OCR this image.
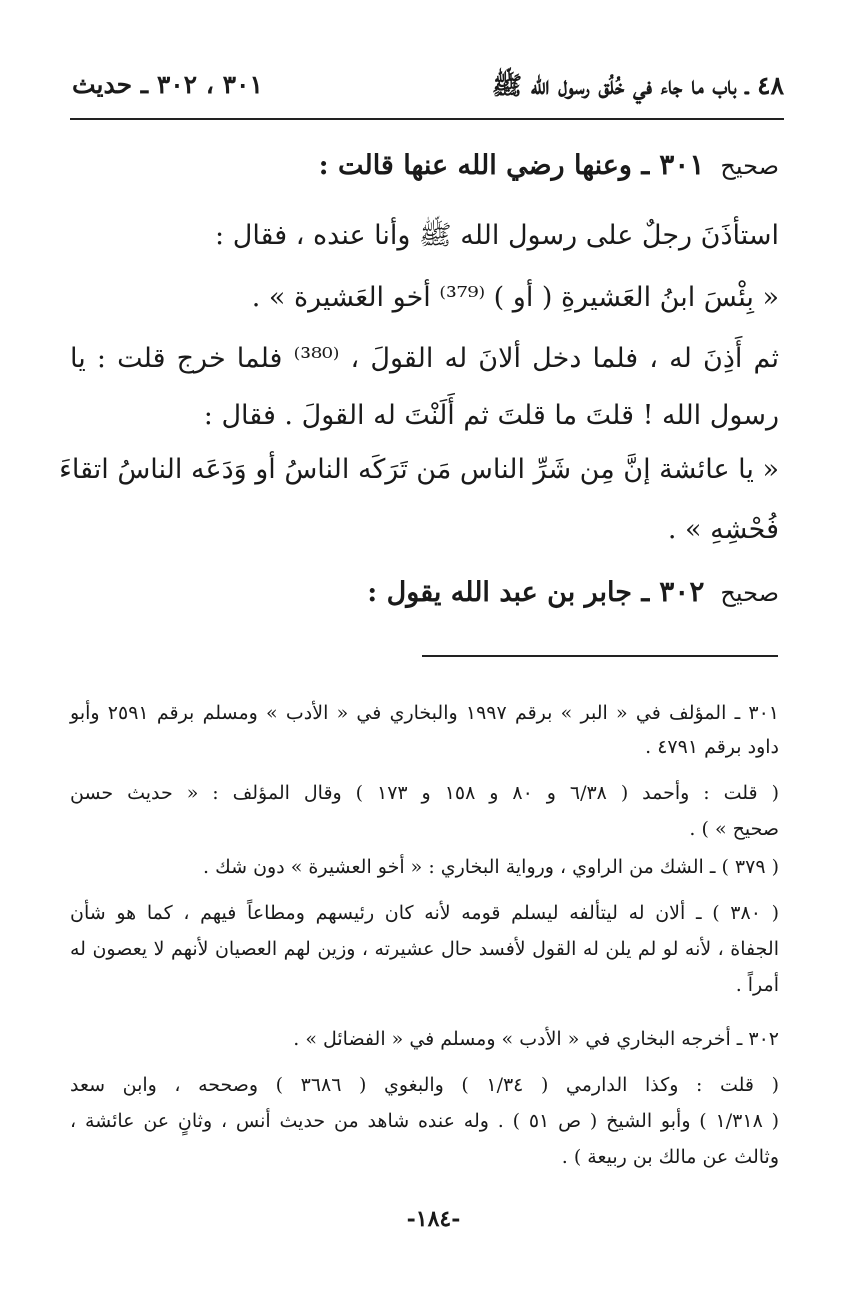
٤٨ ـ باب ما جاء في خُلُق رسول الله ﷺ
٣٠١ ، ٣٠٢ ـ حديث
صحيح٣٠١ـ وعنها رضي الله عنها قالت :
استأذَنَ رجلٌ على رسول الله ﷺ وأنا عنده ، فقال :
« بِئْسَ ابنُ العَشيرةِ ( أو ) ⁽³⁷⁹⁾ أخو العَشيرة » .
ثم أَذِنَ له ، فلما دخل ألانَ له القولَ ، ⁽³⁸⁰⁾ فلما خرج قلت : يا
رسول الله ! قلتَ ما قلتَ ثم أَلَنْتَ له القولَ . فقال :
« يا عائشة إنَّ مِن شَرِّ الناس مَن تَرَكَه الناسُ أو وَدَعَه الناسُ اتقاءَ
فُحْشِهِ » .
صحيح٣٠٢ـ جابر بن عبد الله يقول :
٣٠١ ـ المؤلف في « البر » برقم ١٩٩٧ والبخاري في « الأدب » ومسلم برقم ٢٥٩١ وأبو
داود برقم ٤٧٩١ .
( قلت : وأحمد ( ٦/٣٨ و ٨٠ و ١٥٨ و ١٧٣ ) وقال المؤلف : « حديث حسن
صحيح » ) .
( ٣٧٩ ) ـ الشك من الراوي ، ورواية البخاري : « أخو العشيرة » دون شك .
( ٣٨٠ ) ـ ألان له ليتألفه ليسلم قومه لأنه كان رئيسهم ومطاعاً فيهم ، كما هو شأن
الجفاة ، لأنه لو لم يلن له القول لأفسد حال عشيرته ، وزين لهم العصيان لأنهم لا يعصون له
أمراً .
٣٠٢ ـ أخرجه البخاري في « الأدب » ومسلم في « الفضائل » .
( قلت : وكذا الدارمي ( ١/٣٤ ) والبغوي ( ٣٦٨٦ ) وصححه ، وابن سعد
( ١/٣١٨ ) وأبو الشيخ ( ص ٥١ ) . وله عنده شاهد من حديث أنس ، وثانٍ عن عائشة ،
وثالث عن مالك بن ربيعة ) .
-١٨٤-
